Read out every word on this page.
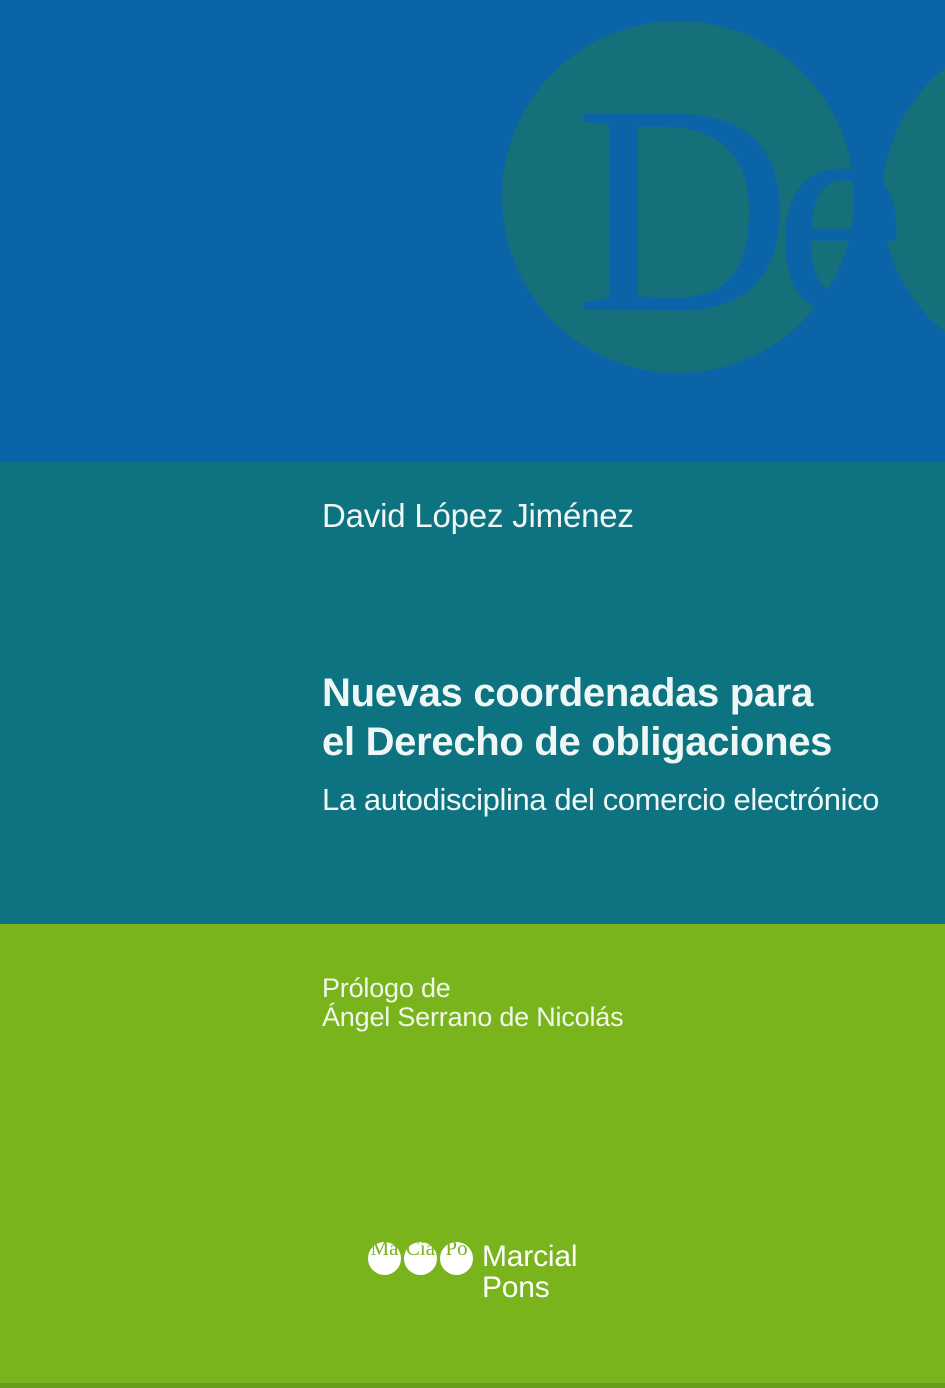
De
David López Jiménez
Nuevas coordenadas para
el Derecho de obligaciones
La autodisciplina del comercio electrónico
Prólogo de
Ángel Serrano de Nicolás
Ma Cia Po Marcial
Pons
